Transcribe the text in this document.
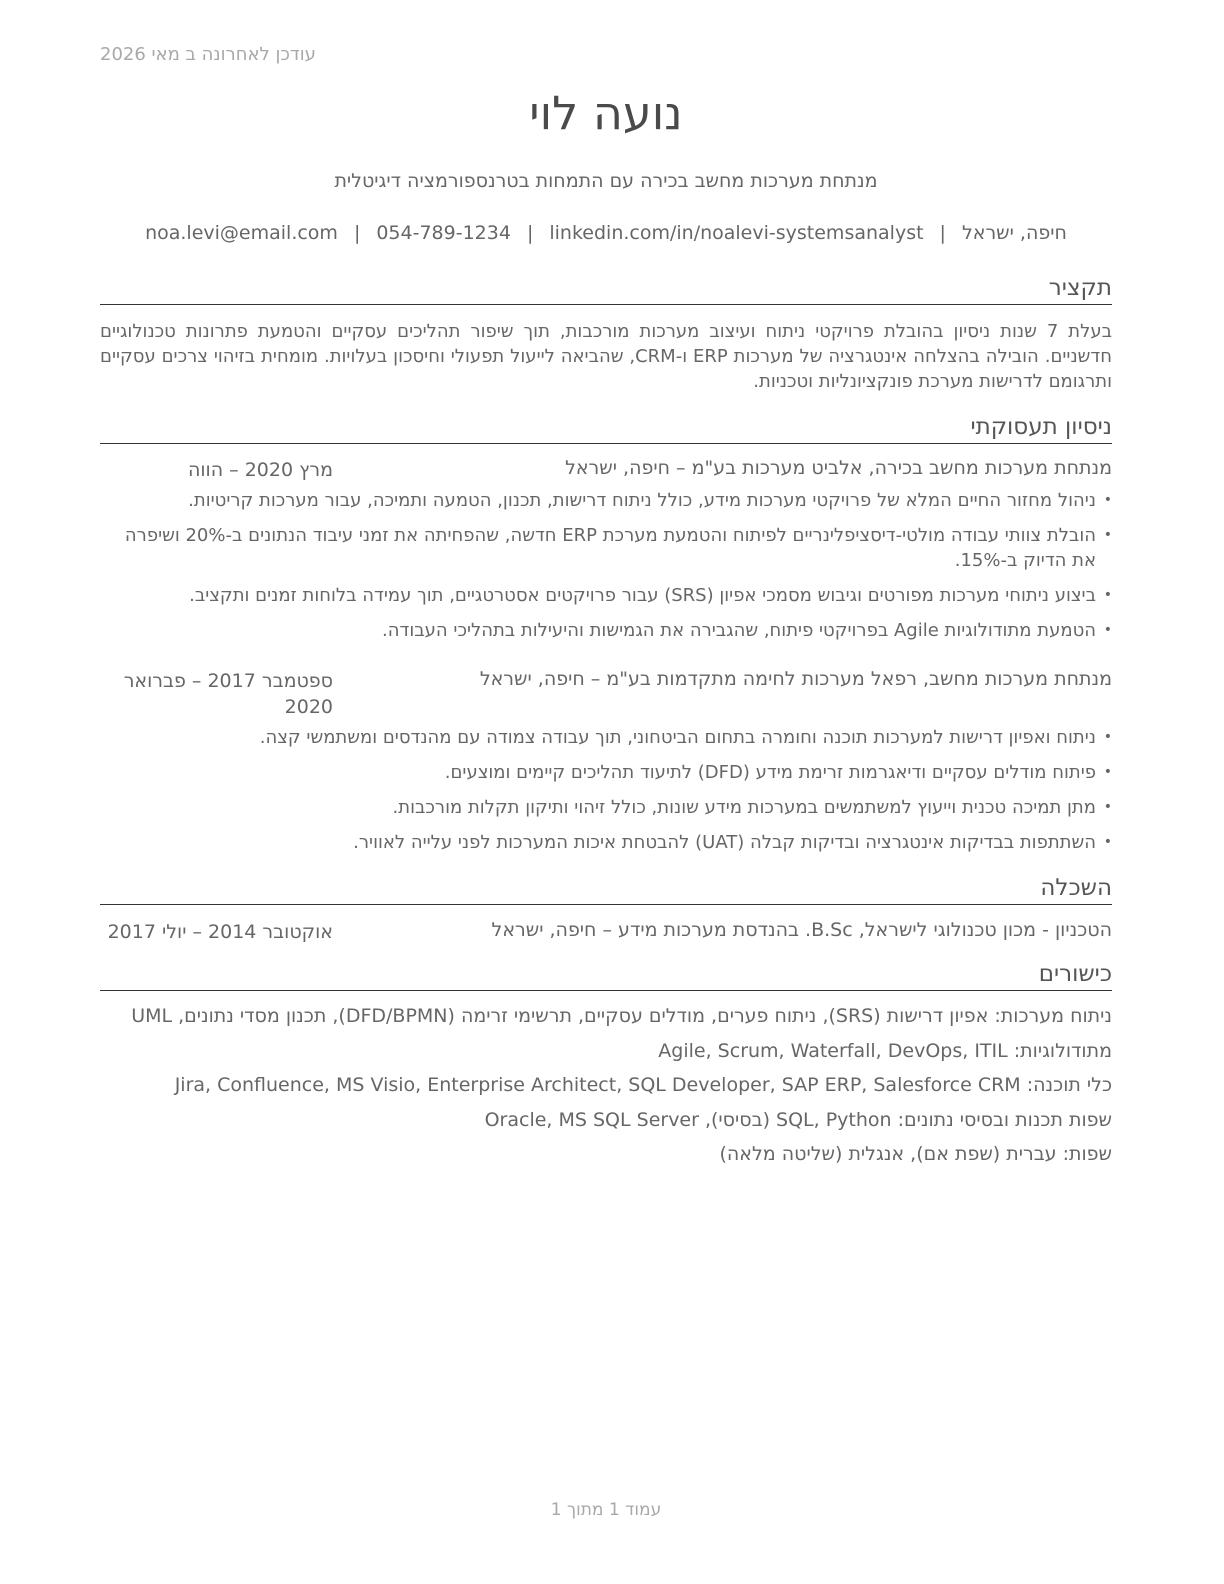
עודכן לאחרונה ב מאי 2026
נועה לוי
מנתחת מערכות מחשב בכירה עם התמחות בטרנספורמציה דיגיטלית
חיפה, ישראל|noa.levi@email.com | 054-789-1234 | linkedin.com/in/noalevi-systemsanalyst
תקציר

בעלת 7 שנות ניסיון בהובלת פרויקטי ניתוח ועיצוב מערכות מורכבות, תוך שיפור תהליכים עסקיים והטמעת פתרונות טכנולוגיים חדשניים. הובילה בהצלחה אינטגרציה של מערכות ERP ו-CRM, שהביאה לייעול תפעולי וחיסכון בעלויות. מומחית בזיהוי צרכים עסקיים ותרגומם לדרישות מערכת פונקציונליות וטכניות.

ניסיון תעסוקתי
מנתחת מערכות מחשב בכירה, אלביט מערכות בע"מ – חיפה, ישראל
מרץ 2020 – הווה
• ניהול מחזור החיים המלא של פרויקטי מערכות מידע, כולל ניתוח דרישות, תכנון, הטמעה ותמיכה, עבור מערכות קריטיות.
• הובלת צוותי עבודה מולטי-דיסציפלינריים לפיתוח והטמעת מערכת ERP חדשה, שהפחיתה את זמני עיבוד הנתונים ב-20% ושיפרה את הדיוק ב-15%.
• ביצוע ניתוחי מערכות מפורטים וגיבוש מסמכי אפיון (SRS) עבור פרויקטים אסטרטגיים, תוך עמידה בלוחות זמנים ותקציב.
• הטמעת מתודולוגיות Agile בפרויקטי פיתוח, שהגבירה את הגמישות והיעילות בתהליכי העבודה.
מנתחת מערכות מחשב, רפאל מערכות לחימה מתקדמות בע"מ – חיפה, ישראל
ספטמבר 2017 – פברואר 2020
• ניתוח ואפיון דרישות למערכות תוכנה וחומרה בתחום הביטחוני, תוך עבודה צמודה עם מהנדסים ומשתמשי קצה.
• פיתוח מודלים עסקיים ודיאגרמות זרימת מידע (DFD) לתיעוד תהליכים קיימים ומוצעים.
• מתן תמיכה טכנית וייעוץ למשתמשים במערכות מידע שונות, כולל זיהוי ותיקון תקלות מורכבות.
• השתתפות בבדיקות אינטגרציה ובדיקות קבלה (UAT) להבטחת איכות המערכות לפני עלייה לאוויר.
השכלה
הטכניון - מכון טכנולוגי לישראל, B.Sc. בהנדסת מערכות מידע – חיפה, ישראל
אוקטובר 2014 – יולי 2017
כישורים
ניתוח מערכות: אפיון דרישות (SRS), ניתוח פערים, מודלים עסקיים, תרשימי זרימה (DFD/BPMN), תכנון מסדי נתונים, UML
מתודולוגיות: Agile, Scrum, Waterfall, DevOps, ITIL
כלי תוכנה: Jira, Confluence, MS Visio, Enterprise Architect, SQL Developer, SAP ERP, Salesforce CRM
שפות תכנות ובסיסי נתונים: SQL, Python (בסיסי), Oracle, MS SQL Server
שפות: עברית (שפת אם), אנגלית (שליטה מלאה)
עמוד 1 מתוך 1
